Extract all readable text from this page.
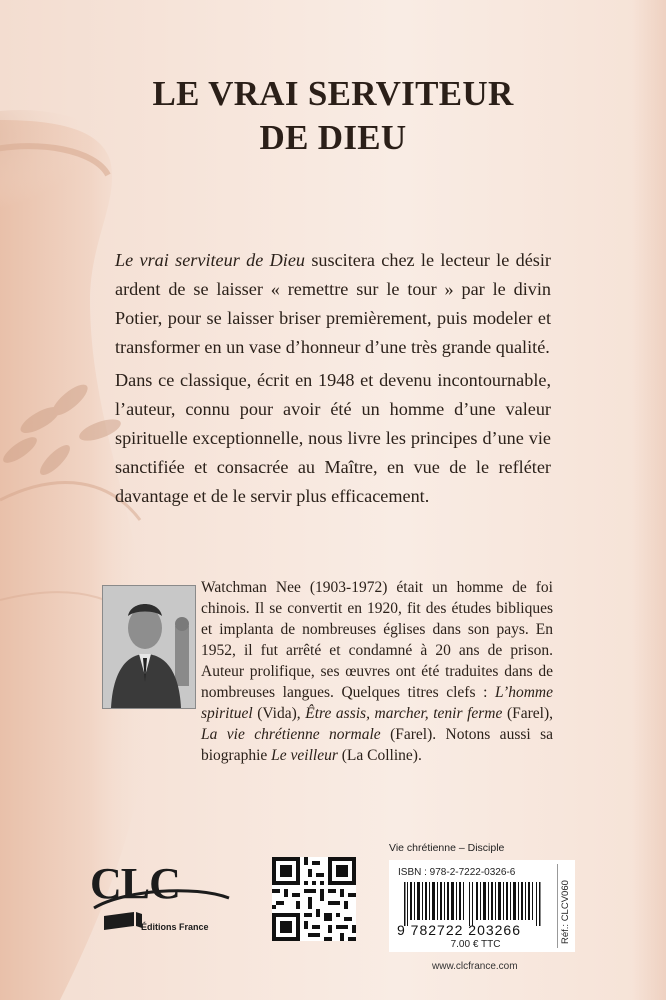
LE VRAI SERVITEUR
DE DIEU
Le vrai serviteur de Dieu suscitera chez le lecteur le désir ardent de se laisser « remettre sur le tour » par le divin Potier, pour se laisser briser premièrement, puis modeler et transformer en un vase d’honneur d’une très grande qualité.
Dans ce classique, écrit en 1948 et devenu incontournable, l’auteur, connu pour avoir été un homme d’une valeur spirituelle exceptionnelle, nous livre les principes d’une vie sanctifiée et consacrée au Maître, en vue de le refléter davantage et de le servir plus efficacement.
Watchman Nee (1903-1972) était un homme de foi chinois. Il se convertit en 1920, fit des études bibliques et implanta de nombreuses églises dans son pays. En 1952, il fut arrêté et condamné à 20 ans de prison. Auteur prolifique, ses œuvres ont été traduites dans de nombreuses langues. Quelques titres clefs : L’homme spirituel (Vida), Être assis, marcher, tenir ferme (Farel), La vie chrétienne normale (Farel). Notons aussi sa biographie Le veilleur (La Colline).
CLC
Éditions France
Vie chrétienne – Disciple
ISBN : 978-2-7222-0326-6
9 782722 203266
7.00 € TTC
Réf.: CLCV060
www.clcfrance.com
